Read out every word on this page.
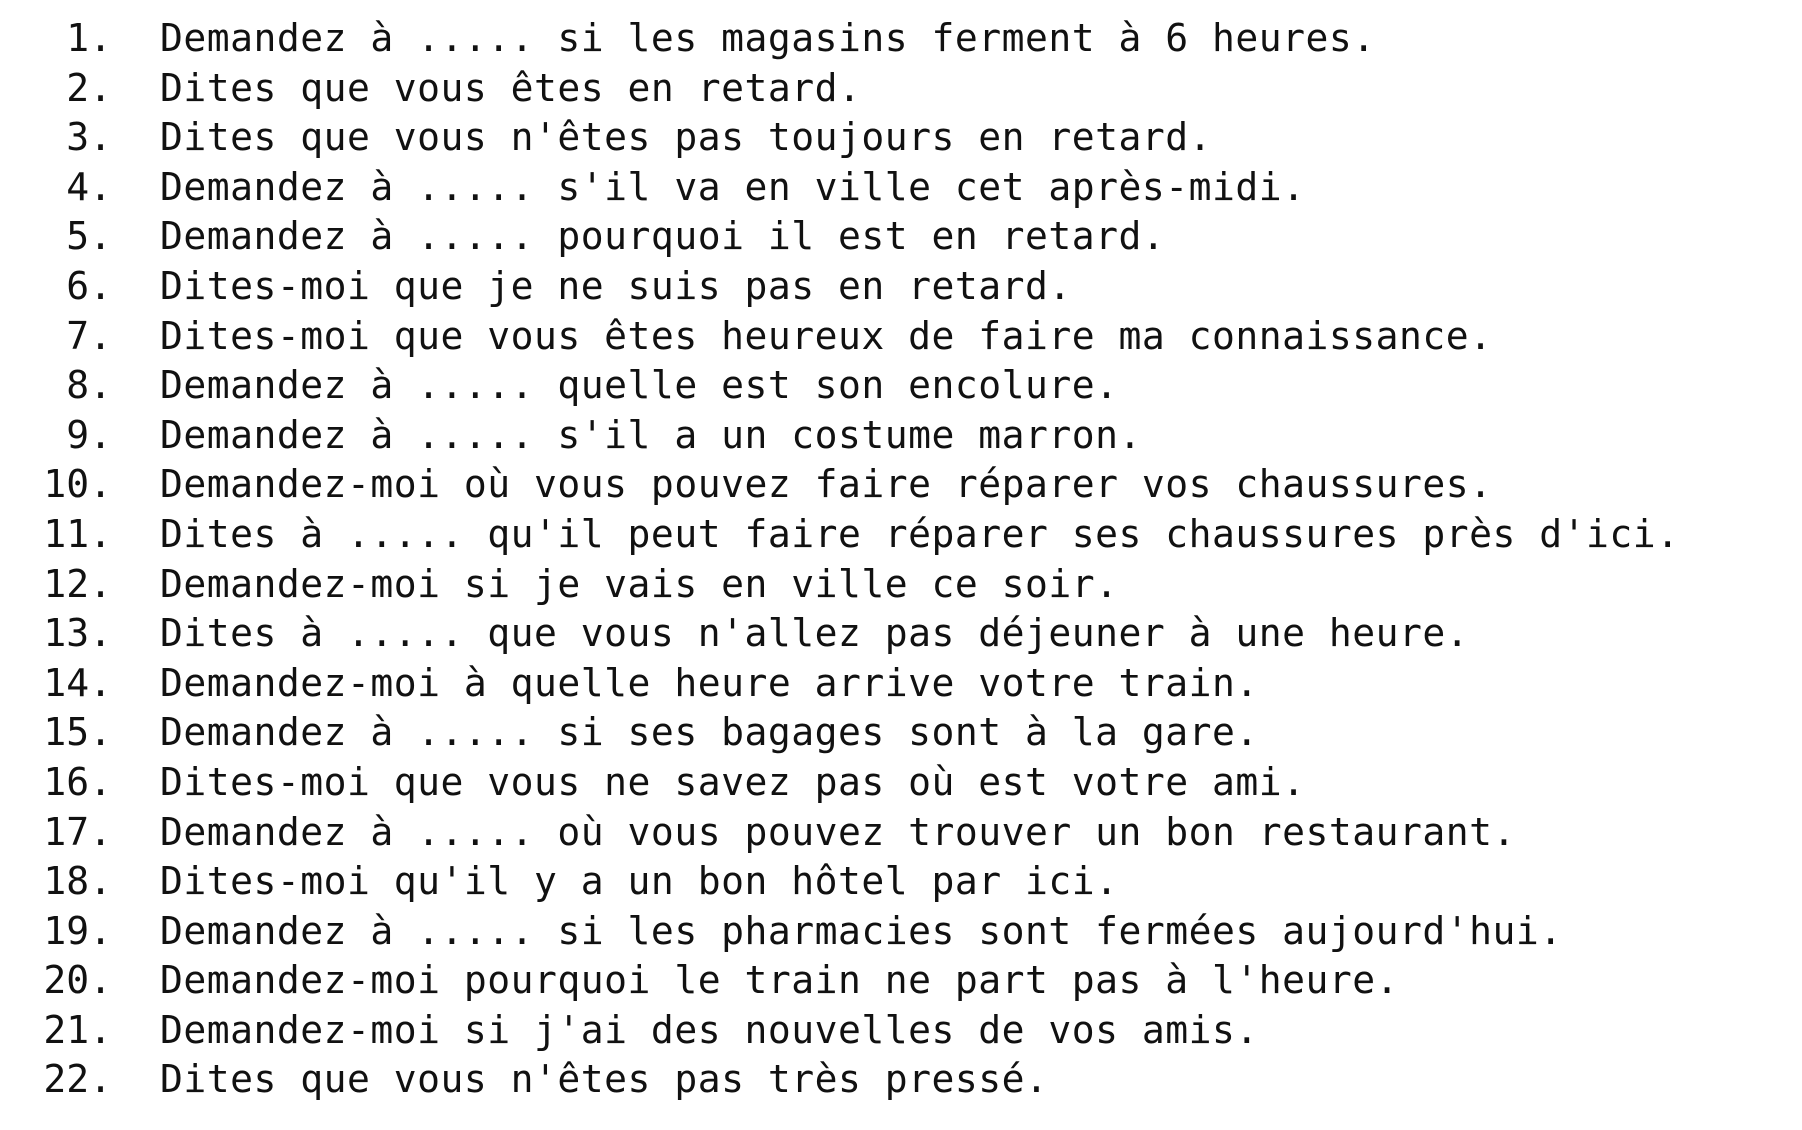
1. Demandez à ..... si les magasins ferment à 6 heures.
2. Dites que vous êtes en retard.
3. Dites que vous n'êtes pas toujours en retard.
4. Demandez à ..... s'il va en ville cet après-midi.
5. Demandez à ..... pourquoi il est en retard.
6. Dites-moi que je ne suis pas en retard.
7. Dites-moi que vous êtes heureux de faire ma connaissance.
8. Demandez à ..... quelle est son encolure.
9. Demandez à ..... s'il a un costume marron.
10. Demandez-moi où vous pouvez faire réparer vos chaussures.
11. Dites à ..... qu'il peut faire réparer ses chaussures près d'ici.
12. Demandez-moi si je vais en ville ce soir.
13. Dites à ..... que vous n'allez pas déjeuner à une heure.
14. Demandez-moi à quelle heure arrive votre train.
15. Demandez à ..... si ses bagages sont à la gare.
16. Dites-moi que vous ne savez pas où est votre ami.
17. Demandez à ..... où vous pouvez trouver un bon restaurant.
18. Dites-moi qu'il y a un bon hôtel par ici.
19. Demandez à ..... si les pharmacies sont fermées aujourd'hui.
20. Demandez-moi pourquoi le train ne part pas à l'heure.
21. Demandez-moi si j'ai des nouvelles de vos amis.
22. Dites que vous n'êtes pas très pressé.
